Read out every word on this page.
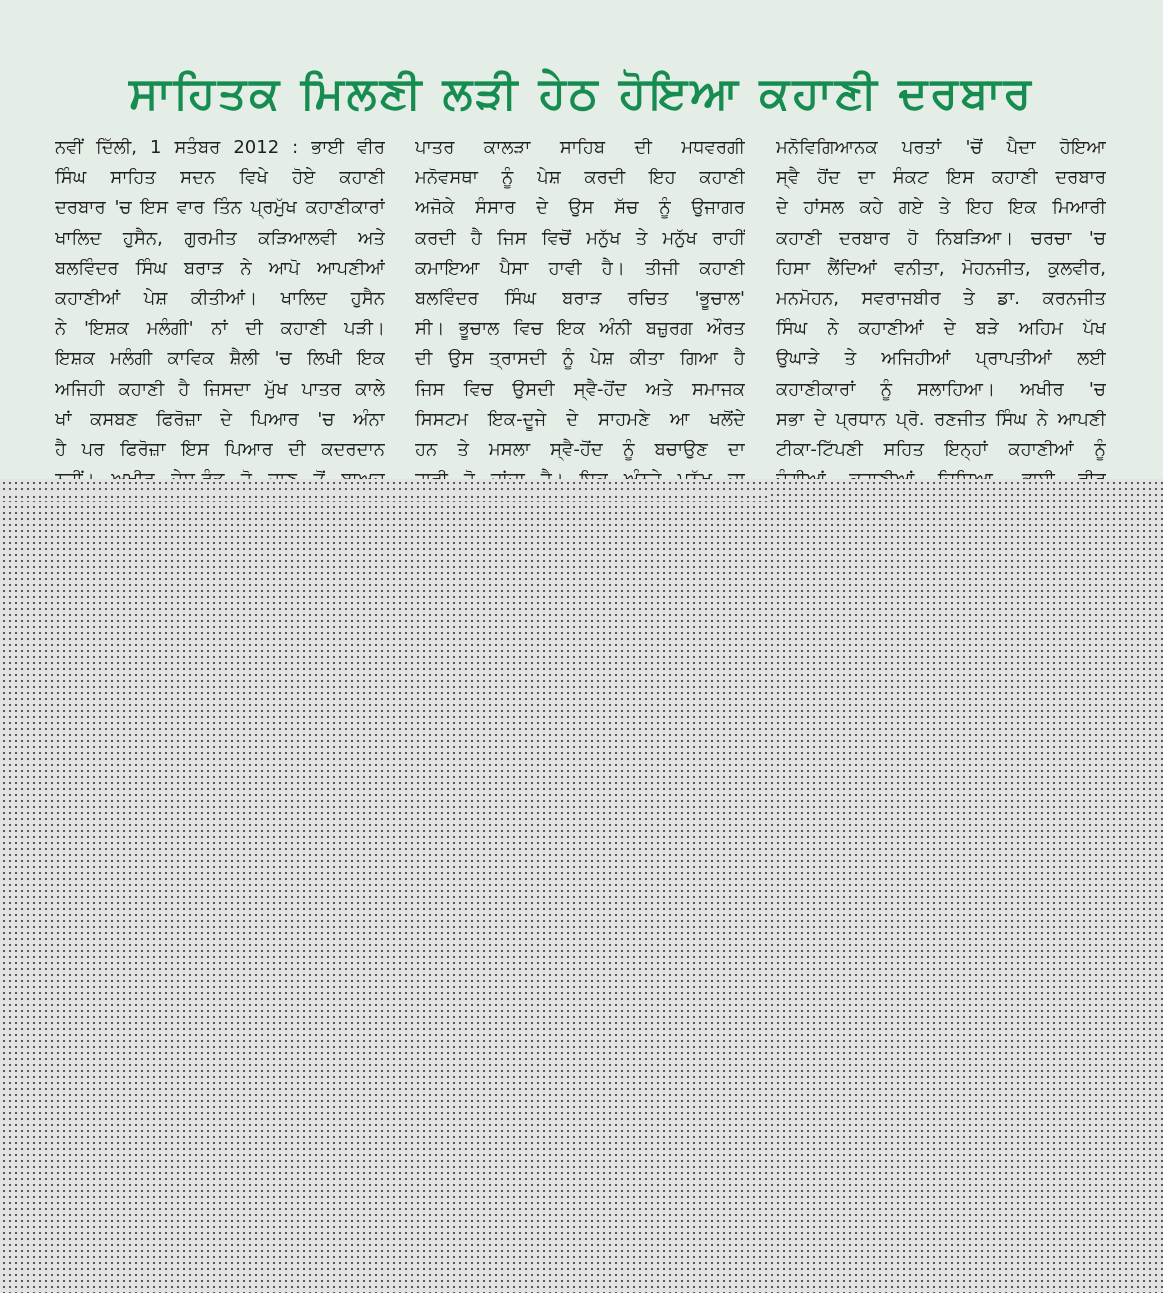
ਸਾਹਿਤਕ ਮਿਲਣੀ ਲੜੀ ਹੇਠ ਹੋਇਆ ਕਹਾਣੀ ਦਰਬਾਰ
ਨਵੀਂ ਦਿੱਲੀ, 1 ਸਤੰਬਰ 2012 : ਭਾਈ ਵੀਰ
ਸਿੰਘ ਸਾਹਿਤ ਸਦਨ ਵਿਖੇ ਹੋਏ ਕਹਾਣੀ
ਦਰਬਾਰ 'ਚ ਇਸ ਵਾਰ ਤਿੰਨ ਪ੍ਰਮੁੱਖ ਕਹਾਣੀਕਾਰਾਂ
ਖਾਲਿਦ ਹੁਸੈਨ, ਗੁਰਮੀਤ ਕੜਿਆਲਵੀ ਅਤੇ
ਬਲਵਿੰਦਰ ਸਿੰਘ ਬਰਾੜ ਨੇ ਆਪੋ ਆਪਣੀਆਂ
ਕਹਾਣੀਆਂ ਪੇਸ਼ ਕੀਤੀਆਂ। ਖਾਲਿਦ ਹੁਸੈਨ
ਨੇ 'ਇਸ਼ਕ ਮਲੰਗੀ' ਨਾਂ ਦੀ ਕਹਾਣੀ ਪੜੀ।
ਇਸ਼ਕ ਮਲੰਗੀ ਕਾਵਿਕ ਸ਼ੈਲੀ 'ਚ ਲਿਖੀ ਇਕ
ਅਜਿਹੀ ਕਹਾਣੀ ਹੈ ਜਿਸਦਾ ਮੁੱਖ ਪਾਤਰ ਕਾਲੇ
ਖਾਂ ਕਸਬਣ ਫਿਰੋਜ਼ਾ ਦੇ ਪਿਆਰ 'ਚ ਅੰਨਾ
ਹੈ ਪਰ ਫਿਰੋਜ਼ਾ ਇਸ ਪਿਆਰ ਦੀ ਕਦਰਦਾਨ
ਪਾਤਰ ਕਾਲੜਾ ਸਾਹਿਬ ਦੀ ਮਧਵਰਗੀ
ਮਨੋਵਸਥਾ ਨੂੰ ਪੇਸ਼ ਕਰਦੀ ਇਹ ਕਹਾਣੀ
ਅਜੋਕੇ ਸੰਸਾਰ ਦੇ ਉਸ ਸੱਚ ਨੂੰ ਉਜਾਗਰ
ਕਰਦੀ ਹੈ ਜਿਸ ਵਿਚੋਂ ਮਨੁੱਖ ਤੇ ਮਨੁੱਖ ਰਾਹੀਂ
ਕਮਾਇਆ ਪੈਸਾ ਹਾਵੀ ਹੈ। ਤੀਜੀ ਕਹਾਣੀ
ਬਲਵਿੰਦਰ ਸਿੰਘ ਬਰਾੜ ਰਚਿਤ 'ਭੂਚਾਲ'
ਸੀ। ਭੂਚਾਲ ਵਿਚ ਇਕ ਅੰਨੀ ਬਜ਼ੁਰਗ ਔਰਤ
ਦੀ ਉਸ ਤ੍ਰਾਸਦੀ ਨੂੰ ਪੇਸ਼ ਕੀਤਾ ਗਿਆ ਹੈ
ਜਿਸ ਵਿਚ ਉਸਦੀ ਸ੍ਵੈ-ਹੋਂਦ ਅਤੇ ਸਮਾਜਕ
ਸਿਸਟਮ ਇਕ-ਦੂਜੇ ਦੇ ਸਾਹਮਣੇ ਆ ਖਲੋਂਦੇ
ਹਨ ਤੇ ਮਸਲਾ ਸ੍ਵੈ-ਹੋਂਦ ਨੂੰ ਬਚਾਉਣ ਦਾ
ਮਨੋਵਿਗਿਆਨਕ ਪਰਤਾਂ 'ਚੋਂ ਪੈਦਾ ਹੋਇਆ
ਸ੍ਵੈ ਹੋਂਦ ਦਾ ਸੰਕਟ ਇਸ ਕਹਾਣੀ ਦਰਬਾਰ
ਦੇ ਹਾਂਸਲ ਕਹੇ ਗਏ ਤੇ ਇਹ ਇਕ ਮਿਆਰੀ
ਕਹਾਣੀ ਦਰਬਾਰ ਹੋ ਨਿਬੜਿਆ। ਚਰਚਾ 'ਚ
ਹਿਸਾ ਲੈਂਦਿਆਂ ਵਨੀਤਾ, ਮੋਹਨਜੀਤ, ਕੁਲਵੀਰ,
ਮਨਮੋਹਨ, ਸਵਰਾਜਬੀਰ ਤੇ ਡਾ. ਕਰਨਜੀਤ
ਸਿੰਘ ਨੇ ਕਹਾਣੀਆਂ ਦੇ ਬੜੇ ਅਹਿਮ ਪੱਖ
ਉਘਾੜੇ ਤੇ ਅਜਿਹੀਆਂ ਪ੍ਰਾਪਤੀਆਂ ਲਈ
ਕਹਾਣੀਕਾਰਾਂ ਨੂੰ ਸਲਾਹਿਆ। ਅਖੀਰ 'ਚ
ਸਭਾ ਦੇ ਪ੍ਰਧਾਨ ਪ੍ਰੋ. ਰਣਜੀਤ ਸਿੰਘ ਨੇ ਆਪਣੀ
ਟੀਕਾ-ਟਿੱਪਣੀ ਸਹਿਤ ਇਨ੍ਹਾਂ ਕਹਾਣੀਆਂ ਨੂੰ
